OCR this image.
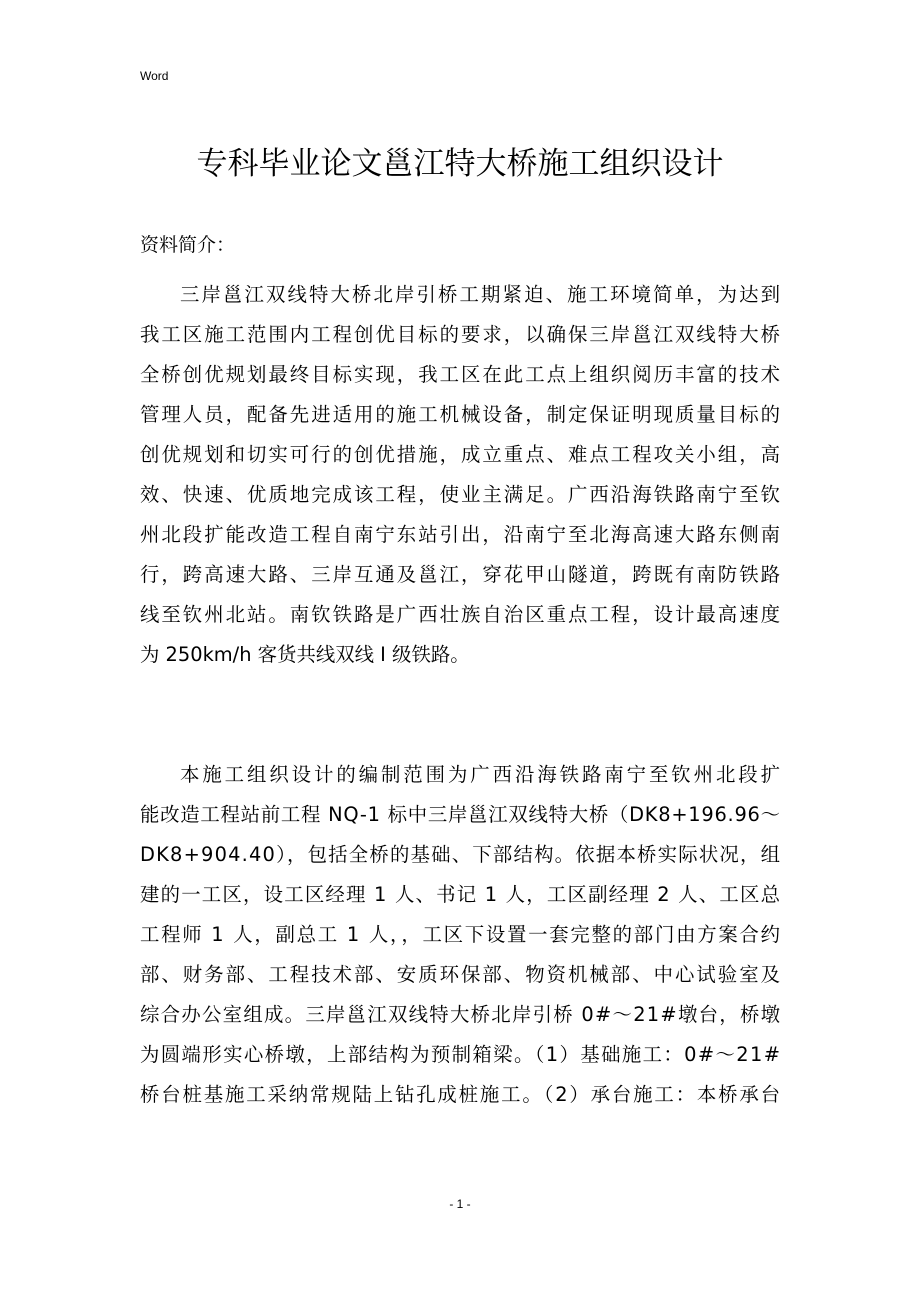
Word
专科毕业论文邕江特大桥施工组织设计
资料简介：
三岸邕江双线特大桥北岸引桥工期紧迫、施工环境简单，为达到
我工区施工范围内工程创优目标的要求，以确保三岸邕江双线特大桥
全桥创优规划最终目标实现，我工区在此工点上组织阅历丰富的技术
管理人员，配备先进适用的施工机械设备，制定保证明现质量目标的
创优规划和切实可行的创优措施，成立重点、难点工程攻关小组，高
效、快速、优质地完成该工程，使业主满足。广西沿海铁路南宁至钦
州北段扩能改造工程自南宁东站引出，沿南宁至北海高速大路东侧南
行，跨高速大路、三岸互通及邕江，穿花甲山隧道，跨既有南防铁路
线至钦州北站。南钦铁路是广西壮族自治区重点工程，设计最高速度
为 250km/h 客货共线双线 I 级铁路。
本施工组织设计的编制范围为广西沿海铁路南宁至钦州北段扩
能改造工程站前工程 NQ-1 标中三岸邕江双线特大桥（DK8+196.96～
DK8+904.40），包括全桥的基础、下部结构。依据本桥实际状况，组
建的一工区，设工区经理 1 人、书记 1 人，工区副经理 2 人、工区总
工程师 1 人，副总工 1 人，，工区下设置一套完整的部门由方案合约
部、财务部、工程技术部、安质环保部、物资机械部、中心试验室及
综合办公室组成。三岸邕江双线特大桥北岸引桥 0#～21#墩台，桥墩
为圆端形实心桥墩，上部结构为预制箱梁。（1）基础施工：0#～21#
桥台桩基施工采纳常规陆上钻孔成桩施工。（2）承台施工：本桥承台
- 1 -
